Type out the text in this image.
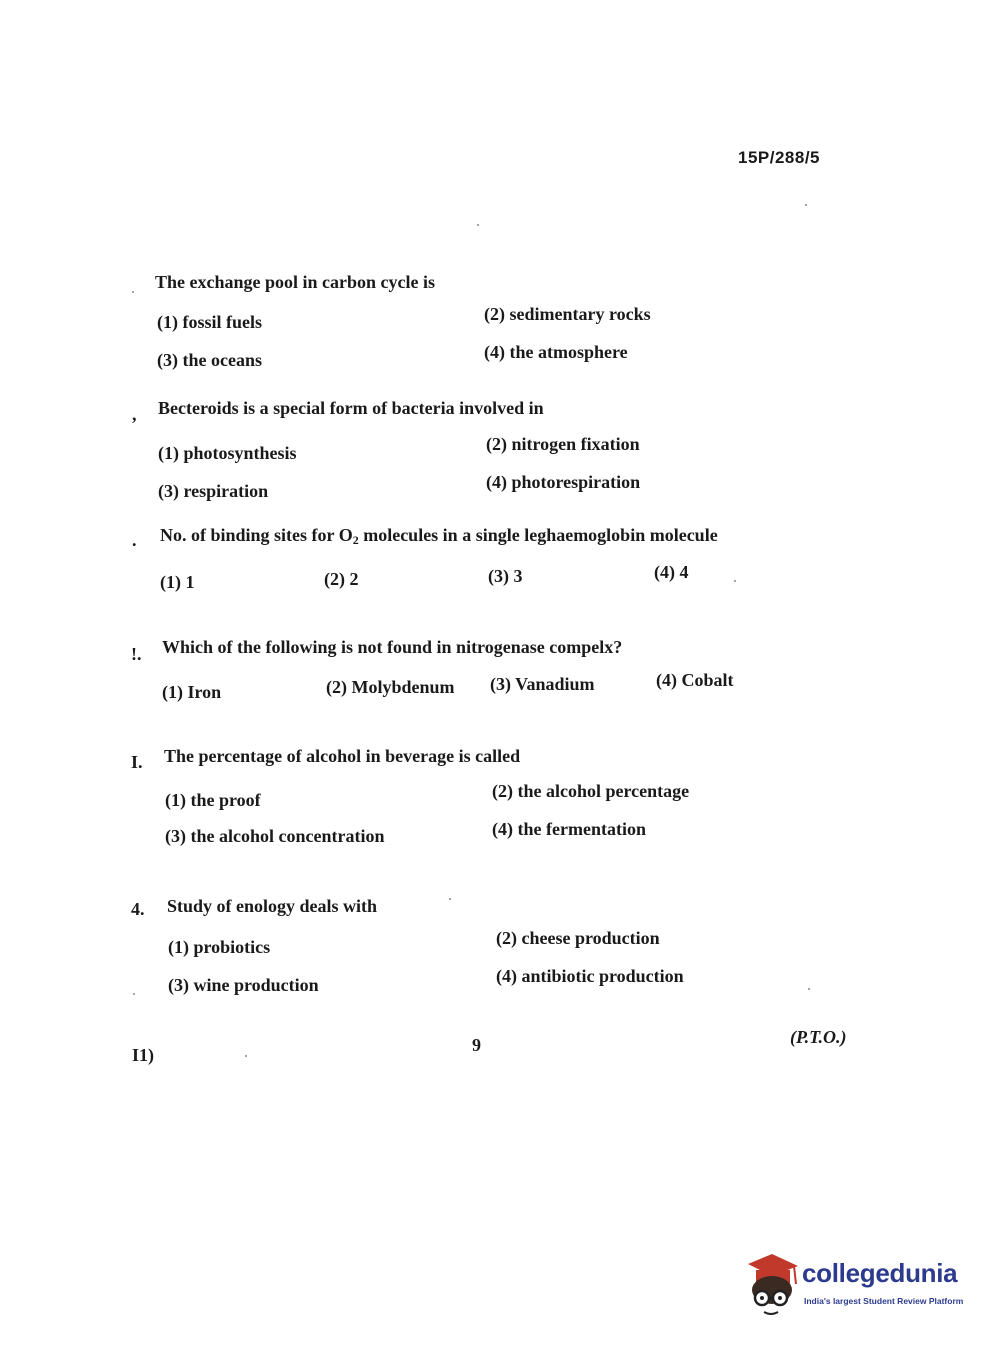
15P/288/5
The exchange pool in carbon cycle is
(1) fossil fuels	(2) sedimentary rocks
(3) the oceans	(4) the atmosphere
, Becteroids is a special form of bacteria involved in
(1) photosynthesis	(2) nitrogen fixation
(3) respiration	(4) photorespiration
. No. of binding sites for $O_2$ molecules in a single leghaemoglobin molecule
(1) 1	(2) 2	(3) 3	(4) 4
!. Which of the following is not found in nitrogenase compelx?
(1) Iron	(2) Molybdenum (3) Vanadium	(4) Cobalt
I. The percentage of alcohol in beverage is called
(1) the proof	(2) the alcohol percentage
(3) the alcohol concentration	(4) the fermentation
4. Study of enology deals with
(1) probiotics	(2) cheese production
(3) wine production	(4) antibiotic production
I1)	9	(P.T.O.)
collegedunia
India's largest Student Review Platform
